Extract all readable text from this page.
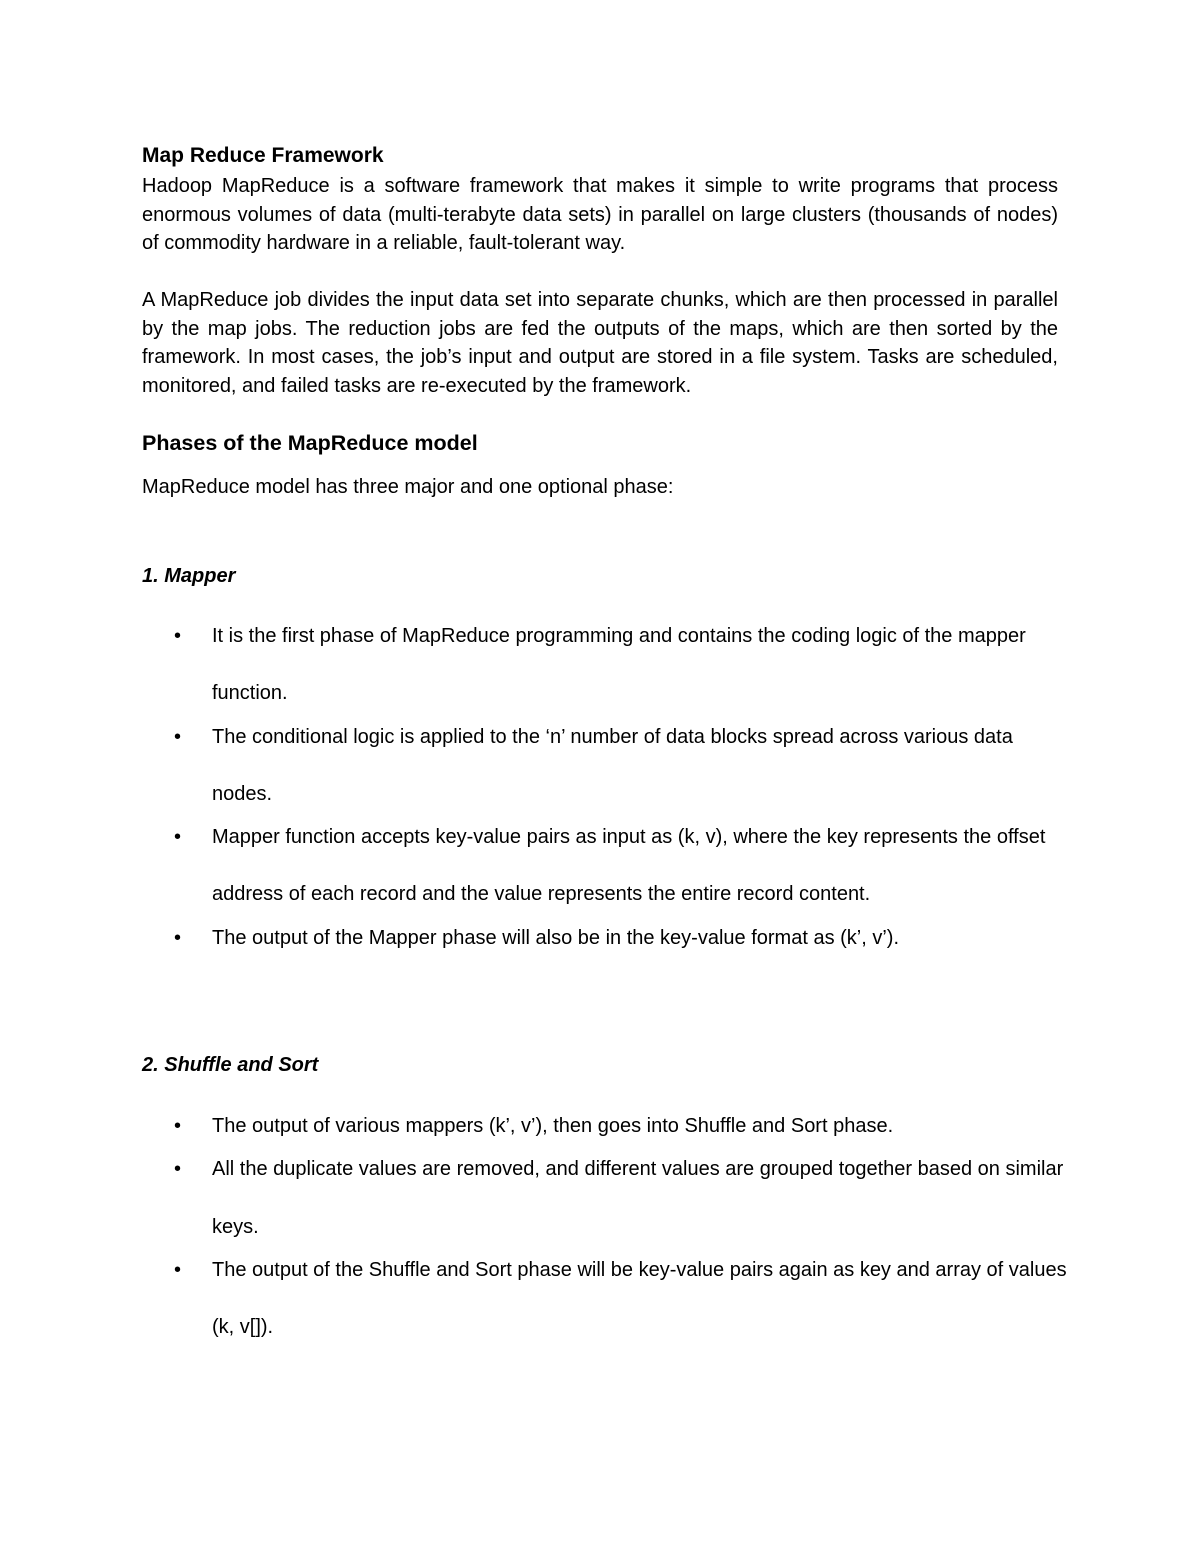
Map Reduce Framework

Hadoop MapReduce is a software framework that makes it simple to write programs that process enormous volumes of data (multi-terabyte data sets) in parallel on large clusters (thousands of nodes) of commodity hardware in a reliable, fault-tolerant way.

A MapReduce job divides the input data set into separate chunks, which are then processed in parallel by the map jobs. The reduction jobs are fed the outputs of the maps, which are then sorted by the framework. In most cases, the job’s input and output are stored in a file system. Tasks are scheduled, monitored, and failed tasks are re-executed by the framework.

Phases of the MapReduce model
MapReduce model has three major and one optional phase:
1. Mapper
• It is the first phase of MapReduce programming and contains the coding logic of the mapper function.
• The conditional logic is applied to the ‘n’ number of data blocks spread across various data nodes.
• Mapper function accepts key-value pairs as input as (k, v), where the key represents the offset address of each record and the value represents the entire record content.
• The output of the Mapper phase will also be in the key-value format as (k’, v’).
2. Shuffle and Sort
• The output of various mappers (k’, v’), then goes into Shuffle and Sort phase.
• All the duplicate values are removed, and different values are grouped together based on similar keys.
• The output of the Shuffle and Sort phase will be key-value pairs again as key and array of values (k, v[]).
